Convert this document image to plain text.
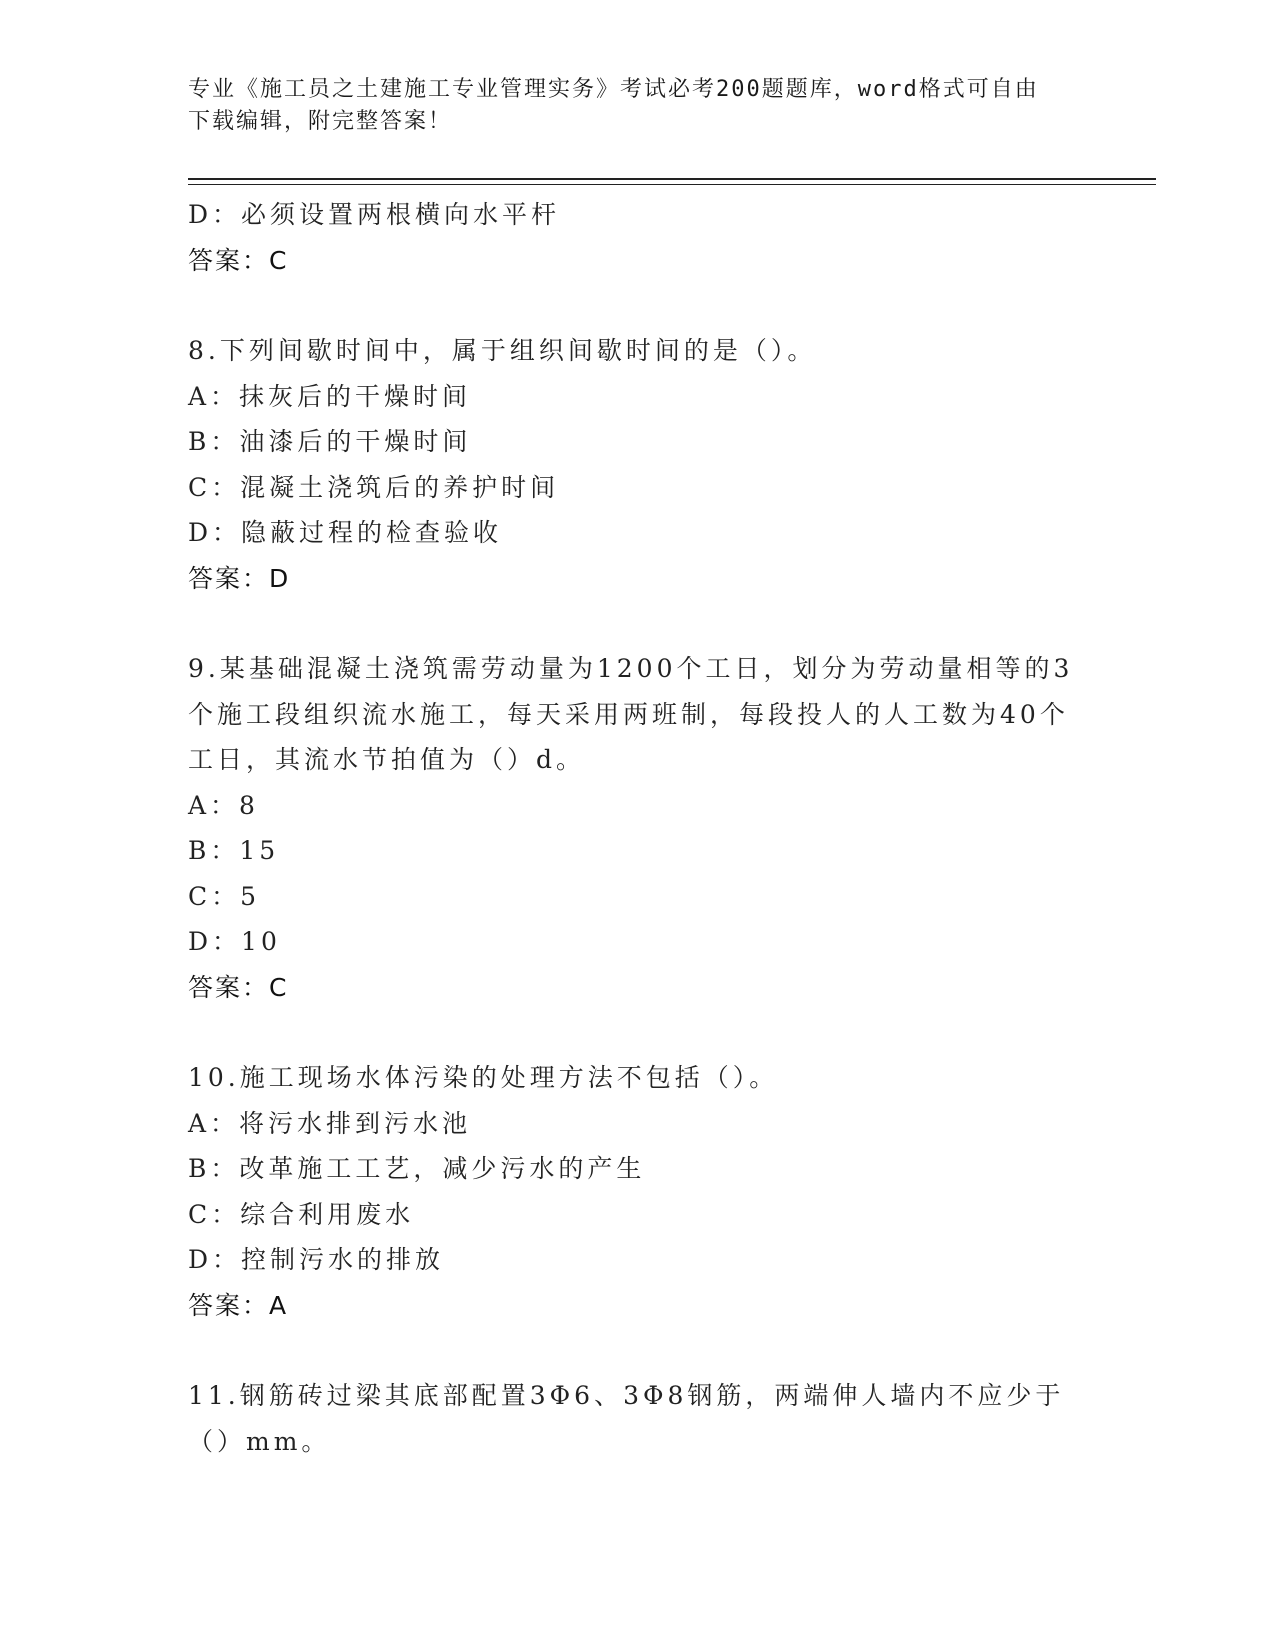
专业《施工员之土建施工专业管理实务》考试必考200题题库，word格式可自由
下载编辑，附完整答案！
D：必须设置两根横向水平杆
答案：C
8.下列间歇时间中，属于组织间歇时间的是（）。
A：抹灰后的干燥时间
B：油漆后的干燥时间
C：混凝土浇筑后的养护时间
D：隐蔽过程的检查验收
答案：D
9.某基础混凝土浇筑需劳动量为1200个工日，划分为劳动量相等的3
个施工段组织流水施工，每天采用两班制，每段投人的人工数为40个
工日，其流水节拍值为（）d。
A：8
B：15
C：5
D：10
答案：C
10.施工现场水体污染的处理方法不包括（）。
A：将污水排到污水池
B：改革施工工艺，减少污水的产生
C：综合利用废水
D：控制污水的排放
答案：A
11.钢筋砖过梁其底部配置3Φ6、3Φ8钢筋，两端伸人墙内不应少于
（）mm。
